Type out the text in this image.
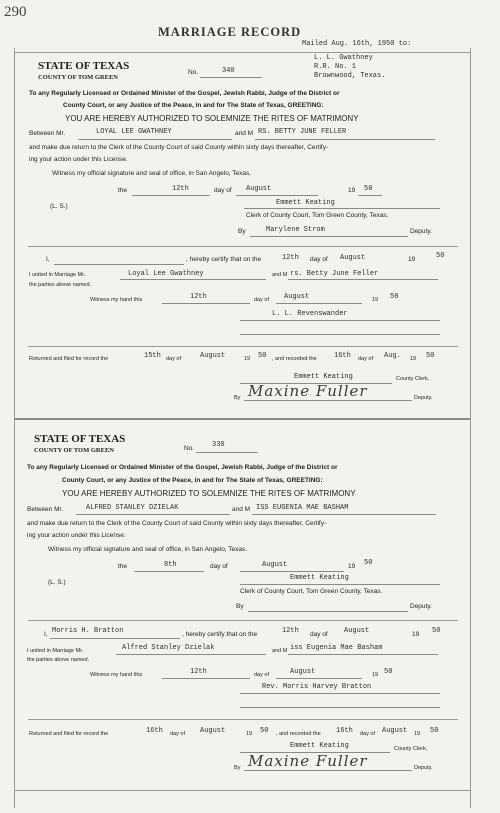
290
MARRIAGE RECORD
Mailed Aug. 16th, 1950 to:
L. L. Gwathney
R.R. No. 1
Brownwood, Texas.
STATE OF TEXAS
COUNTY OF TOM GREEN
No.	340
To any Regularly Licensed or Ordained Minister of the Gospel, Jewish Rabbi, Judge of the District or
County Court, or any Justice of the Peace, in and for The State of Texas, GREETING:
YOU ARE HEREBY AUTHORIZED TO SOLEMNIZE THE RITES OF MATRIMONY
Between Mr.	LOYAL LEE GWATHNEY	and M RS. BETTY JUNE FELLER
and make due return to the Clerk of the County Court of said County within sixty days thereafter, Certify-
ing your action under this License.
Witness my official signature and seal of office, in San Angelo, Texas.
the	12th	day of August	19 50
Emmett Keating
(L. S.)
Clerk of County Court, Tom Green County, Texas.
By	Marylene Strom	Deputy.
I,	, hereby certify that on the	12th day of August	19	50
I united in Marriage Mr.	Loyal Lee Gwathney	and M rs. Betty June Feller
the parties above named.
Witness my hand this	12th	day of August	19 50
L. L. Revenswander
Returned and filed for record the	15th day of	August	19 50 , and recorded the 16th day of Aug. 19 50
Emmett Keating	County Clerk,
By Maxine Fuller	Deputy.
STATE OF TEXAS
COUNTY OF TOM GREEN	No.	330
To any Regularly Licensed or Ordained Minister of the Gospel, Jewish Rabbi, Judge of the District or
County Court, or any Justice of the Peace, in and for The State of Texas, GREETING:
YOU ARE HEREBY AUTHORIZED TO SOLEMNIZE THE RITES OF MATRIMONY
Between Mr.	ALFRED STANLEY DZIELAK	and M ISS EUGENIA MAE BASHAM
and make due return to the Clerk of the County Court of said County within sixty days thereafter, Certify-
ing your action under this License.
Witness my official signature and seal of office, in San Angelo, Texas.
the	8th	day of	August	19 50
Emmett Keating
(L. S.)
Clerk of County Court, Tom Green County, Texas.
By	Deputy.
I, Morris H. Bratton	, hereby certify that on the	12th day of August	19 50
I united in Marriage Mr.	Alfred Stanley Dzielak	and M iss Eugenia Mae Basham
the parties above named.
Witness my hand this	12th	day of	August	19 50
Rev. Morris Harvey Bratton
Returned and filed for record the	16th day of August	19 50 , and recorded the 16th day of August 19 50
Emmett Keating	County Clerk,
By Maxine Fuller	Deputy.
